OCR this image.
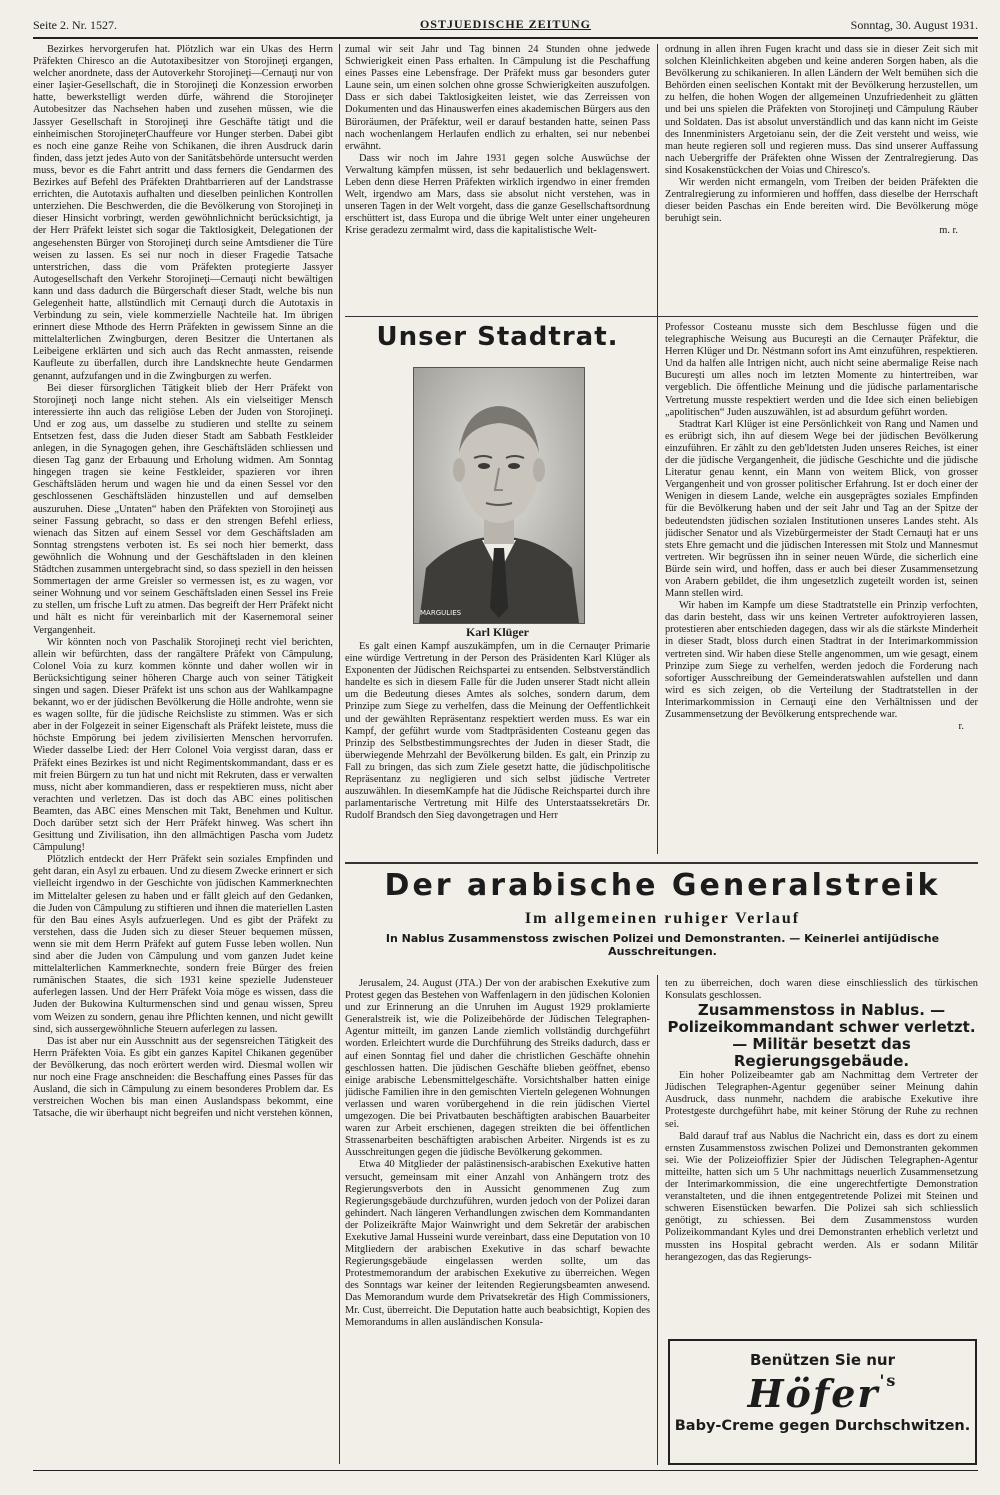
Seite 2. Nr. 1527.	OSTJUEDISCHE ZEITUNG	Sonntag, 30. August 1931.

Bezirkes hervorgerufen hat. Plötzlich war ein Ukas des Herrn Präfekten Chiresco an die Autotaxibesitzer von Storojineţi ergangen, welcher anordnete, dass der Autoverkehr Storojineţi—Cernauţi nur von einer Iaşier-Gesellschaft, die in Storojineţi die Konzession erworben hatte, bewerkstelligt werden dürfe, während die Storojineţer Autobesitzer das Nachsehen haben und zusehen müssen, wie die Jassyer Gesellschaft in Storojineţi ihre Geschäfte tätigt und die einheimischen StorojineţerChauffeure vor Hunger sterben. Dabei gibt es noch eine ganze Reihe von Schikanen, die ihren Ausdruck darin finden, dass jetzt jedes Auto von der Sanitätsbehörde untersucht werden muss, bevor es die Fahrt antritt und dass ferners die Gendarmen des Bezirkes auf Befehl des Präfekten Drahtbarrieren auf der Landstrasse errichten, die Autotaxis aufhalten und dieselben peinlichen Kontrollen unterziehen. Die Beschwerden, die die Bevölkerung von Storojineţi in dieser Hinsicht vorbringt, werden gewöhnlichnicht berücksichtigt, ja der Herr Präfekt leistet sich sogar die Taktlosigkeit, Delegationen der angesehensten Bürger von Storojineţi durch seine Amtsdiener die Türe weisen zu lassen. Es sei nur noch in dieser Fragedie Tatsache unterstrichen, dass die vom Präfekten protegierte Jassyer Autogesellschaft den Verkehr Storojineţi—Cernauţi nicht bewältigen kann und dass dadurch die Bürgerschaft dieser Stadt, welche bis nun Gelegenheit hatte, allstündlich mit Cernauţi durch die Autotaxis in Verbindung zu sein, viele kommerzielle Nachteile hat. Im übrigen erinnert diese Mthode des Herrn Präfekten in gewissem Sinne an die mittelalterlichen Zwingburgen, deren Besitzer die Untertanen als Leibeigene erklärten und sich auch das Recht anmassten, reisende Kaufleute zu überfallen, durch ihre Landsknechte heute Gendarmen genannt, aufzufangen und in die Zwingburgen zu werfen.

Bei dieser fürsorglichen Tätigkeit blieb der Herr Präfekt von Storojineţi noch lange nicht stehen. Als ein vielseitiger Mensch interessierte ihn auch das religiöse Leben der Juden von Storojineţi. Und er zog aus, um dasselbe zu studieren und stellte zu seinem Entsetzen fest, dass die Juden dieser Stadt am Sabbath Festkleider anlegen, in die Synagogen gehen, ihre Geschäftsläden schliessen und diesen Tag ganz der Erbauung und Erholung widmen. Am Sonntag hingegen tragen sie keine Festkleider, spazieren vor ihren Geschäftsläden herum und wagen hie und da einen Sessel vor den geschlossenen Geschäftsläden hinzustellen und auf demselben auszuruhen. Diese „Untaten“ haben den Präfekten von Storojineţi aus seiner Fassung gebracht, so dass er den strengen Befehl erliess, wienach das Sitzen auf einem Sessel vor dem Geschäftsladen am Sonntag strengstens verboten ist. Es sei noch hier bemerkt, dass gewöhnlich die Wohnung und der Geschäftsladen in den kleinen Städtchen zusammen untergebracht sind, so dass speziell in den heissen Sommertagen der arme Greisler so vermessen ist, es zu wagen, vor seiner Wohnung und vor seinem Geschäftsladen einen Sessel ins Freie zu stellen, um frische Luft zu atmen. Das begreift der Herr Präfekt nicht und hält es nicht für vereinbarlich mit der Kasernemoral seiner Vergangenheit.

Wir könnten noch von Paschalik Storojineţi recht viel berichten, allein wir befürchten, dass der rangältere Präfekt von Câmpulung, Colonel Voia zu kurz kommen könnte und daher wollen wir in Berücksichtigung seiner höheren Charge auch von seiner Tätigkeit singen und sagen. Dieser Präfekt ist uns schon aus der Wahlkampagne bekannt, wo er der jüdischen Bevölkerung die Hölle androhte, wenn sie es wagen sollte, für die jüdische Reichsliste zu stimmen. Was er sich aber in der Folgezeit in seiner Eigenschaft als Präfekt leistete, muss die höchste Empörung bei jedem zivilisierten Menschen hervorrufen. Wieder dasselbe Lied: der Herr Colonel Voia vergisst daran, dass er Präfekt eines Bezirkes ist und nicht Regimentskommandant, dass er es mit freien Bürgern zu tun hat und nicht mit Rekruten, dass er verwalten muss, nicht aber kommandieren, dass er respektieren muss, nicht aber verachten und verletzen. Das ist doch das ABC eines politischen Beamten, das ABC eines Menschen mit Takt, Benehmen und Kultur. Doch darüber setzt sich der Herr Präfekt hinweg. Was schert ihn Gesittung und Zivilisation, ihn den allmächtigen Pascha vom Judetz Câmpulung!

Plötzlich entdeckt der Herr Präfekt sein soziales Empfinden und geht daran, ein Asyl zu erbauen. Und zu diesem Zwecke erinnert er sich vielleicht irgendwo in der Geschichte von jüdischen Kammerknechten im Mittelalter gelesen zu haben und er fällt gleich auf den Gedanken, die Juden von Câmpulung zu stiftieren und ihnen die materiellen Lasten für den Bau eines Asyls aufzuerlegen. Und es gibt der Präfekt zu verstehen, dass die Juden sich zu dieser Steuer bequemen müssen, wenn sie mit dem Herrn Präfekt auf gutem Fusse leben wollen. Nun sind aber die Juden von Câmpulung und vom ganzen Judet keine mittelalterlichen Kammerknechte, sondern freie Bürger des freien rumänischen Staates, die sich 1931 keine spezielle Judensteuer auferlegen lassen. Und der Herr Präfekt Voia möge es wissen, dass die Juden der Bukowina Kulturmenschen sind und genau wissen, Spreu vom Weizen zu sondern, genau ihre Pflichten kennen, und nicht gewillt sind, sich aussergewöhnliche Steuern auferlegen zu lassen.

Das ist aber nur ein Ausschnitt aus der segensreichen Tätigkeit des Herrn Präfekten Voia. Es gibt ein ganzes Kapitel Chikanen gegenüber der Bevölkerung, das noch erörtert werden wird. Diesmal wollen wir nur noch eine Frage anschneiden: die Beschaffung eines Passes für das Ausland, die sich in Câmpulung zu einem besonderes Problem dar. Es verstreichen Wochen bis man einen Auslandspass bekommt, eine Tatsache, die wir überhaupt nicht begreifen und nicht verstehen können,

zumal wir seit Jahr und Tag binnen 24 Stunden ohne jedwede Schwierigkeit einen Pass erhalten. In Câmpulung ist die Peschaffung eines Passes eine Lebensfrage. Der Präfekt muss gar besonders guter Laune sein, um einen solchen ohne grosse Schwierigkeiten auszufolgen. Dass er sich dabei Taktlosigkeiten leistet, wie das Zerreissen von Dokumenten und das Hinauswerfen eines akademischen Bürgers aus den Büroräumen, der Präfektur, weil er darauf bestanden hatte, seinen Pass nach wochenlangem Herlaufen endlich zu erhalten, sei nur nebenbei erwähnt.

Dass wir noch im Jahre 1931 gegen solche Auswüchse der Verwaltung kämpfen müssen, ist sehr bedauerlich und beklagenswert. Leben denn diese Herren Präfekten wirklich irgendwo in einer fremden Welt, irgendwo am Mars, dass sie absolut nicht verstehen, was in unseren Tagen in der Welt vorgeht, dass die ganze Gesellschaftsordnung erschüttert ist, dass Europa und die übrige Welt unter einer ungeheuren Krise geradezu zermalmt wird, dass die kapitalistische Welt-

ordnung in allen ihren Fugen kracht und dass sie in dieser Zeit sich mit solchen Kleinlichkeiten abgeben und keine anderen Sorgen haben, als die Bevölkerung zu schikanieren. In allen Ländern der Welt bemühen sich die Behörden einen seelischen Kontakt mit der Bevölkerung herzustellen, um zu helfen, die hohen Wogen der allgemeinen Unzufriedenheit zu glätten und bei uns spielen die Präfekten von Storojineţi und Câmpulung Räuber und Soldaten. Das ist absolut unverständlich und das kann nicht im Geiste des Innenministers Argetoianu sein, der die Zeit versteht und weiss, wie man heute regieren soll und regieren muss. Das sind unserer Auffassung nach Uebergriffe der Präfekten ohne Wissen der Zentralregierung. Das sind Kosakenstückchen der Voias und Chiresco's.

Wir werden nicht ermangeln, vom Treiben der beiden Präfekten die Zentralregierung zu informieren und hofffen, dass dieselbe der Herrschaft dieser beiden Paschas ein Ende bereiten wird. Die Bevölkerung möge beruhigt sein.

m. r.

Unser Stadtrat.
MARGULIES
Karl Klüger

Es galt einen Kampf auszukämpfen, um in die Cernauţer Primarie eine würdige Vertretung in der Person des Präsidenten Karl Klüger als Exponenten der Jüdischen Reichspartei zu entsenden. Selbstverständlich handelte es sich in diesem Falle für die Juden unserer Stadt nicht allein um die Bedeutung dieses Amtes als solches, sondern darum, dem Prinzipe zum Siege zu verhelfen, dass die Meinung der Oeffentlichkeit und der gewählten Repräsentanz respektiert werden muss. Es war ein Kampf, der geführt wurde vom Stadtpräsidenten Costeanu gegen das Prinzip des Selbstbestimmungsrechtes der Juden in dieser Stadt, die überwiegende Mehrzahl der Bevölkerung bilden. Es galt, ein Prinzip zu Fall zu bringen, das sich zum Ziele gesetzt hatte, die jüdischpolitische Repräsentanz zu negligieren und sich selbst jüdische Vertreter auszuwählen. In diesemKampfe hat die Jüdische Reichspartei durch ihre parlamentarische Vertretung mit Hilfe des Unterstaatssekretärs Dr. Rudolf Brandsch den Sieg davongetragen und Herr

Professor Costeanu musste sich dem Beschlusse fügen und die telegraphische Weisung aus Bucureşti an die Cernauţer Präfektur, die Herren Klüger und Dr. Néstmann sofort ins Amt einzuführen, respektieren. Und da halfen alle Intrigen nicht, auch nicht seine abermalige Reise nach Bucureşti um alles noch im letzten Momente zu hintertreiben, war vergeblich. Die öffentliche Meinung und die jüdische parlamentarische Vertretung musste respektiert werden und die Idee sich einen beliebigen „apolitischen“ Juden auszuwählen, ist ad absurdum geführt worden.

Stadtrat Karl Klüger ist eine Persönlichkeit von Rang und Namen und es erübrigt sich, ihn auf diesem Wege bei der jüdischen Bevölkerung einzuführen. Er zählt zu den geb'ldetsten Juden unseres Reiches, ist einer der die jüdische Vergangenheit, die jüdische Geschichte und die jüdische Literatur genau kennt, ein Mann von weitem Blick, von grosser Vergangenheit und von grosser politischer Erfahrung. Ist er doch einer der Wenigen in diesem Lande, welche ein ausgeprägtes soziales Empfinden für die Bevölkerung haben und der seit Jahr und Tag an der Spitze der bedeutendsten jüdischen sozialen Institutionen unseres Landes steht. Als jüdischer Senator und als Vizebürgermeister der Stadt Cernauţi hat er uns stets Ehre gemacht und die jüdischen Interessen mit Stolz und Mannesmut vertreten. Wir begrüssen ihn in seiner neuen Würde, die sicherlich eine Bürde sein wird, und hoffen, dass er auch bei dieser Zusammensetzung von Arabern gebildet, die ihm ungesetzlich zugeteilt worden ist, seinen Mann stellen wird.

Wir haben im Kampfe um diese Stadtratstelle ein Prinzip verfochten, das darin besteht, dass wir uns keinen Vertreter aufoktroyieren lassen, protestieren aber entschieden dagegen, dass wir als die stärkste Minderheit in dieser Stadt, bloss durch einen Stadtrat in der Interimarkommission vertreten sind. Wir haben diese Stelle angenommen, um wie gesagt, einem Prinzipe zum Siege zu verhelfen, werden jedoch die Forderung nach sofortiger Ausschreibung der Gemeinderatswahlen aufstellen und dann wird es sich zeigen, ob die Verteilung der Stadtratstellen in der Interimarkommission in Cernauţi eine den Verhältnissen und der Zusammensetzung der Bevölkerung entsprechende war.

r.

Der arabische Generalstreik
Im allgemeinen ruhiger Verlauf
In Nablus Zusammenstoss zwischen Polizei und Demonstranten. — Keinerlei antijüdische Ausschreitungen.

Jerusalem, 24. August (JTA.) Der von der arabischen Exekutive zum Protest gegen das Bestehen von Waffenlagern in den jüdischen Kolonien und zur Erinnerung an die Unruhen im August 1929 proklamierte Generalstreik ist, wie die Polizeibehörde der Jüdischen Telegraphen-Agentur mitteilt, im ganzen Lande ziemlich vollständig durchgeführt worden. Erleichtert wurde die Durchführung des Streiks dadurch, dass er auf einen Sonntag fiel und daher die christlichen Geschäfte ohnehin geschlossen hatten. Die jüdischen Geschäfte blieben geöffnet, ebenso einige arabische Lebensmittelgeschäfte. Vorsichtshalber hatten einige jüdische Familien ihre in den gemischten Vierteln gelegenen Wohnungen verlassen und waren vorübergehend in die rein jüdischen Viertel umgezogen. Die bei Privatbauten beschäftigten arabischen Bauarbeiter waren zur Arbeit erschienen, dagegen streikten die bei öffentlichen Strassenarbeiten beschäftigten arabischen Arbeiter. Nirgends ist es zu Ausschreitungen gegen die jüdische Bevölkerung gekommen.

Etwa 40 Mitglieder der palästinensisch-arabischen Exekutive hatten versucht, gemeinsam mit einer Anzahl von Anhängern trotz des Regierungsverbots den in Aussicht genommenen Zug zum Regierungsgebäude durchzuführen, wurden jedoch von der Polizei daran gehindert. Nach längeren Verhandlungen zwischen dem Kommandanten der Polizeikräfte Major Wainwright und dem Sekretär der arabischen Exekutive Jamal Husseini wurde vereinbart, dass eine Deputation von 10 Mitgliedern der arabischen Exekutive in das scharf bewachte Regierungsgebäude eingelassen werden sollte, um das Protestmemorandum der arabischen Exekutive zu überreichen. Wegen des Sonntags war keiner der leitenden Regierungsbeamten anwesend. Das Memorandum wurde dem Privatsekretär des High Commissioners, Mr. Cust, überreicht. Die Deputation hatte auch beabsichtigt, Kopien des Memorandums in allen ausländischen Konsula-

ten zu überreichen, doch waren diese einschliesslich des türkischen Konsulats geschlossen.

Zusammenstoss in Nablus. — Polizeikommandant schwer verletzt. — Militär besetzt das Regierungsgebäude.

Ein hoher Polizeibeamter gab am Nachmittag dem Vertreter der Jüdischen Telegraphen-Agentur gegenüber seiner Meinung dahin Ausdruck, dass nunmehr, nachdem die arabische Exekutive ihre Protestgeste durchgeführt habe, mit keiner Störung der Ruhe zu rechnen sei.

Bald darauf traf aus Nablus die Nachricht ein, dass es dort zu einem ernsten Zusammenstoss zwischen Polizei und Demonstranten gekommen sei. Wie der Polizeioffizier Spier der Jüdischen Telegraphen-Agentur mitteilte, hatten sich um 5 Uhr nachmittags neuerlich Zusammensetzung der Interimarkommission, die eine ungerechtfertigte Demonstration veranstalteten, und die ihnen entgegentretende Polizei mit Steinen und schweren Eisenstücken bewarfen. Die Polizei sah sich schliesslich genötigt, zu schiessen. Bei dem Zusammenstoss wurden Polizeikommandant Kyles und drei Demonstranten erheblich verletzt und mussten ins Hospital gebracht werden. Als er sodann Militär herangezogen, das das Regierungs-

Benützen Sie nur
Höfer$^{'s}$
Baby-Creme gegen Durchschwitzen.
